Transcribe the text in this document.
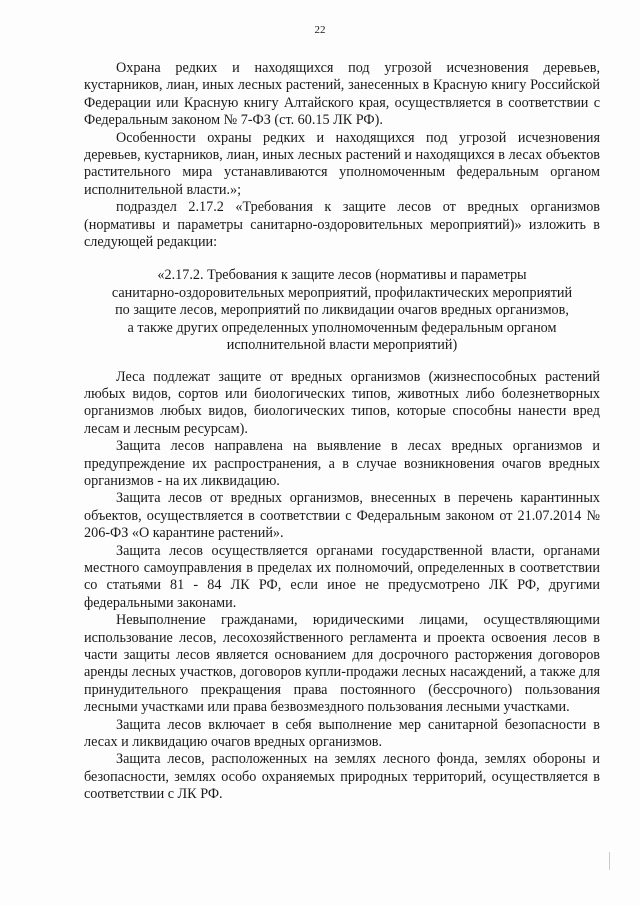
22

Охрана редких и находящихся под угрозой исчезновения деревьев, кустарников, лиан, иных лесных растений, занесенных в Красную книгу Российской Федерации или Красную книгу Алтайского края, осуществляется в соответствии с Федеральным законом № 7-ФЗ (ст. 60.15 ЛК РФ).

Особенности охраны редких и находящихся под угрозой исчезновения деревьев, кустарников, лиан, иных лесных растений и находящихся в лесах объектов растительного мира устанавливаются уполномоченным федеральным органом исполнительной власти.»;

подраздел 2.17.2 «Требования к защите лесов от вредных организмов (нормативы и параметры санитарно-оздоровительных мероприятий)» изложить в следующей редакции:

«2.17.2. Требования к защите лесов (нормативы и параметры
санитарно-оздоровительных мероприятий, профилактических мероприятий
по защите лесов, мероприятий по ликвидации очагов вредных организмов,
а также других определенных уполномоченным федеральным органом
исполнительной власти мероприятий)

Леса подлежат защите от вредных организмов (жизнеспособных растений любых видов, сортов или биологических типов, животных либо болезнетворных организмов любых видов, биологических типов, которые способны нанести вред лесам и лесным ресурсам).

Защита лесов направлена на выявление в лесах вредных организмов и предупреждение их распространения, а в случае возникновения очагов вредных организмов - на их ликвидацию.

Защита лесов от вредных организмов, внесенных в перечень карантинных объектов, осуществляется в соответствии с Федеральным законом от 21.07.2014 № 206-ФЗ «О карантине растений».

Защита лесов осуществляется органами государственной власти, органами местного самоуправления в пределах их полномочий, определенных в соответствии со статьями 81 - 84 ЛК РФ, если иное не предусмотрено ЛК РФ, другими федеральными законами.

Невыполнение гражданами, юридическими лицами, осуществляющими использование лесов, лесохозяйственного регламента и проекта освоения лесов в части защиты лесов является основанием для досрочного расторжения договоров аренды лесных участков, договоров купли-продажи лесных насаждений, а также для принудительного прекращения права постоянного (бессрочного) пользования лесными участками или права безвозмездного пользования лесными участками.

Защита лесов включает в себя выполнение мер санитарной безопасности в лесах и ликвидацию очагов вредных организмов.

Защита лесов, расположенных на землях лесного фонда, землях обороны и безопасности, землях особо охраняемых природных территорий, осуществляется в соответствии с ЛК РФ.
